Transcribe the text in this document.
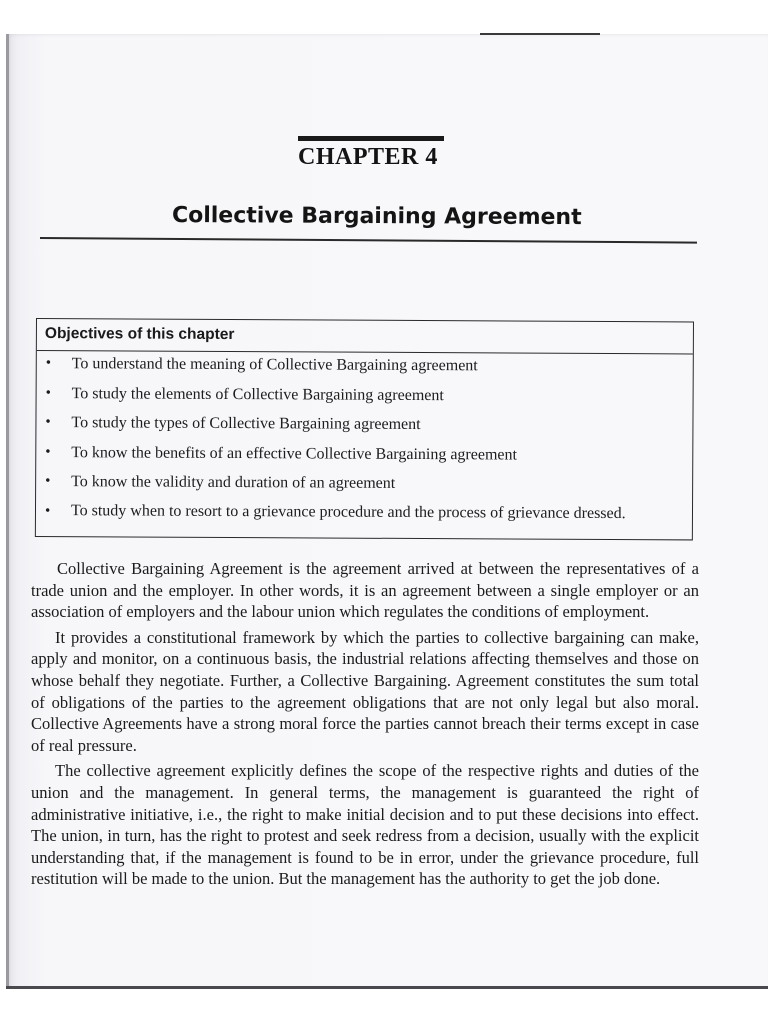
CHAPTER 4
Collective Bargaining Agreement
Objectives of this chapter
• To understand the meaning of Collective Bargaining agreement
• To study the elements of Collective Bargaining agreement
• To study the types of Collective Bargaining agreement
• To know the benefits of an effective Collective Bargaining agreement
• To know the validity and duration of an agreement
• To study when to resort to a grievance procedure and the process of grievance dressed.

Collective Bargaining Agreement is the agreement arrived at between the representatives of a trade union and the employer. In other words, it is an agreement between a single employer or an association of employers and the labour union which regulates the conditions of employment.

It provides a constitutional framework by which the parties to collective bargaining can make, apply and monitor, on a continuous basis, the industrial relations affecting themselves and those on whose behalf they negotiate. Further, a Collective Bargaining. Agreement constitutes the sum total of obligations of the parties to the agreement obligations that are not only legal but also moral. Collective Agreements have a strong moral force the parties cannot breach their terms except in case of real pressure.

The collective agreement explicitly defines the scope of the respective rights and duties of the union and the management. In general terms, the management is guaranteed the right of administrative initiative, i.e., the right to make initial decision and to put these decisions into effect. The union, in turn, has the right to protest and seek redress from a decision, usually with the explicit understanding that, if the management is found to be in error, under the grievance procedure, full restitution will be made to the union. But the management has the authority to get the job done.
